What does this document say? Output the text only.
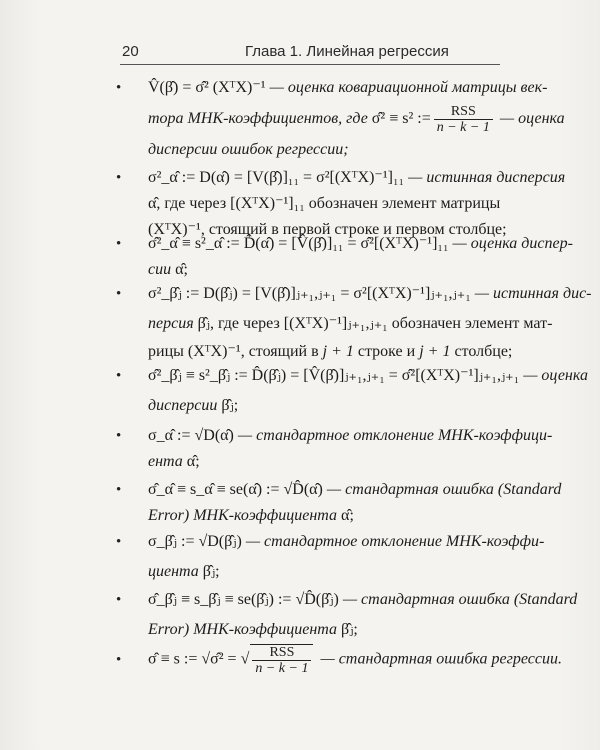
20	Глава 1. Линейная регрессия
• V̂(β̂) = σ̂² (XᵀX)⁻¹ — оценка ковариационной матрицы век-
тора МНК-коэффициентов, где σ̂² ≡ s² := $\frac{\text{RSS}}{n - k - 1}$ — оценка
дисперсии ошибок регрессии;
• σ²_α̂ := D(α̂) = [V(β̂)]₁₁ = σ²[(XᵀX)⁻¹]₁₁ — истинная дисперсия
α̂, где через [(XᵀX)⁻¹]₁₁ обозначен элемент матрицы
(XᵀX)⁻¹, стоящий в первой строке и первом столбце;
• σ̂²_α̂ ≡ s²_α̂ := D̂(α̂) = [V̂(β̂)]₁₁ = σ̂²[(XᵀX)⁻¹]₁₁ — оценка диспер-
сии α̂;
• σ²_β̂ⱼ := D(β̂ⱼ) = [V(β̂)]ⱼ₊₁,ⱼ₊₁ = σ²[(XᵀX)⁻¹]ⱼ₊₁,ⱼ₊₁ — истинная дис-
персия β̂ⱼ, где через [(XᵀX)⁻¹]ⱼ₊₁,ⱼ₊₁ обозначен элемент мат-
рицы (XᵀX)⁻¹, стоящий в j + 1 строке и j + 1 столбце;
• σ̂²_β̂ⱼ ≡ s²_β̂ⱼ := D̂(β̂ⱼ) = [V̂(β̂)]ⱼ₊₁,ⱼ₊₁ = σ̂²[(XᵀX)⁻¹]ⱼ₊₁,ⱼ₊₁ — оценка
дисперсии β̂ⱼ;
• σ_α̂ := √D(α̂) — стандартное отклонение МНК-коэффици-
ента α̂;
• σ̂_α̂ ≡ s_α̂ ≡ se(α̂) := √D̂(α̂) — стандартная ошибка (Standard
Error) МНК-коэффициента α̂;
• σ_β̂ⱼ := √D(β̂ⱼ) — стандартное отклонение МНК-коэффи-
циента β̂ⱼ;
• σ̂_β̂ⱼ ≡ s_β̂ⱼ ≡ se(β̂ⱼ) := √D̂(β̂ⱼ) — стандартная ошибка (Standard
Error) МНК-коэффициента β̂ⱼ;
• σ̂ ≡ s := √σ̂² = √ $\frac{\text{RSS}}{n - k - 1}$ — стандартная ошибка регрессии.
